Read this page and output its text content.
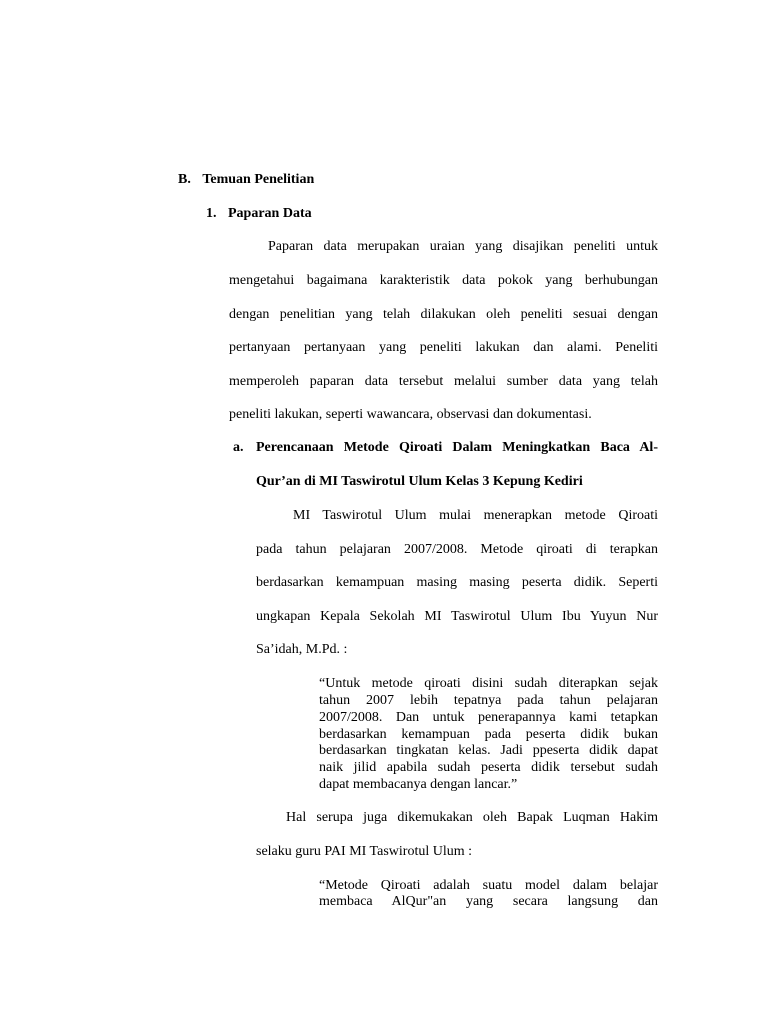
B. Temuan Penelitian
1. Paparan Data

Paparan data merupakan uraian yang disajikan peneliti untuk

mengetahui bagaimana karakteristik data pokok yang berhubungan

dengan penelitian yang telah dilakukan oleh peneliti sesuai dengan

pertanyaan pertanyaan yang peneliti lakukan dan alami. Peneliti

memperoleh paparan data tersebut melalui sumber data yang telah

peneliti lakukan, seperti wawancara, observasi dan dokumentasi.

a. Perencanaan Metode Qiroati Dalam Meningkatkan Baca Al-

Qur’an di MI Taswirotul Ulum Kelas 3 Kepung Kediri

MI Taswirotul Ulum mulai menerapkan metode Qiroati

pada tahun pelajaran 2007/2008. Metode qiroati di terapkan

berdasarkan kemampuan masing masing peserta didik. Seperti

ungkapan Kepala Sekolah MI Taswirotul Ulum Ibu Yuyun Nur

Sa’idah, M.Pd. :

“Untuk metode qiroati disini sudah diterapkan sejak

tahun 2007 lebih tepatnya pada tahun pelajaran

2007/2008. Dan untuk penerapannya kami tetapkan

berdasarkan kemampuan pada peserta didik bukan

berdasarkan tingkatan kelas. Jadi ppeserta didik dapat

naik jilid apabila sudah peserta didik tersebut sudah

dapat membacanya dengan lancar.”

Hal serupa juga dikemukakan oleh Bapak Luqman Hakim

selaku guru PAI MI Taswirotul Ulum :

“Metode Qiroati adalah suatu model dalam belajar

membaca AlQur"an yang secara langsung dan
